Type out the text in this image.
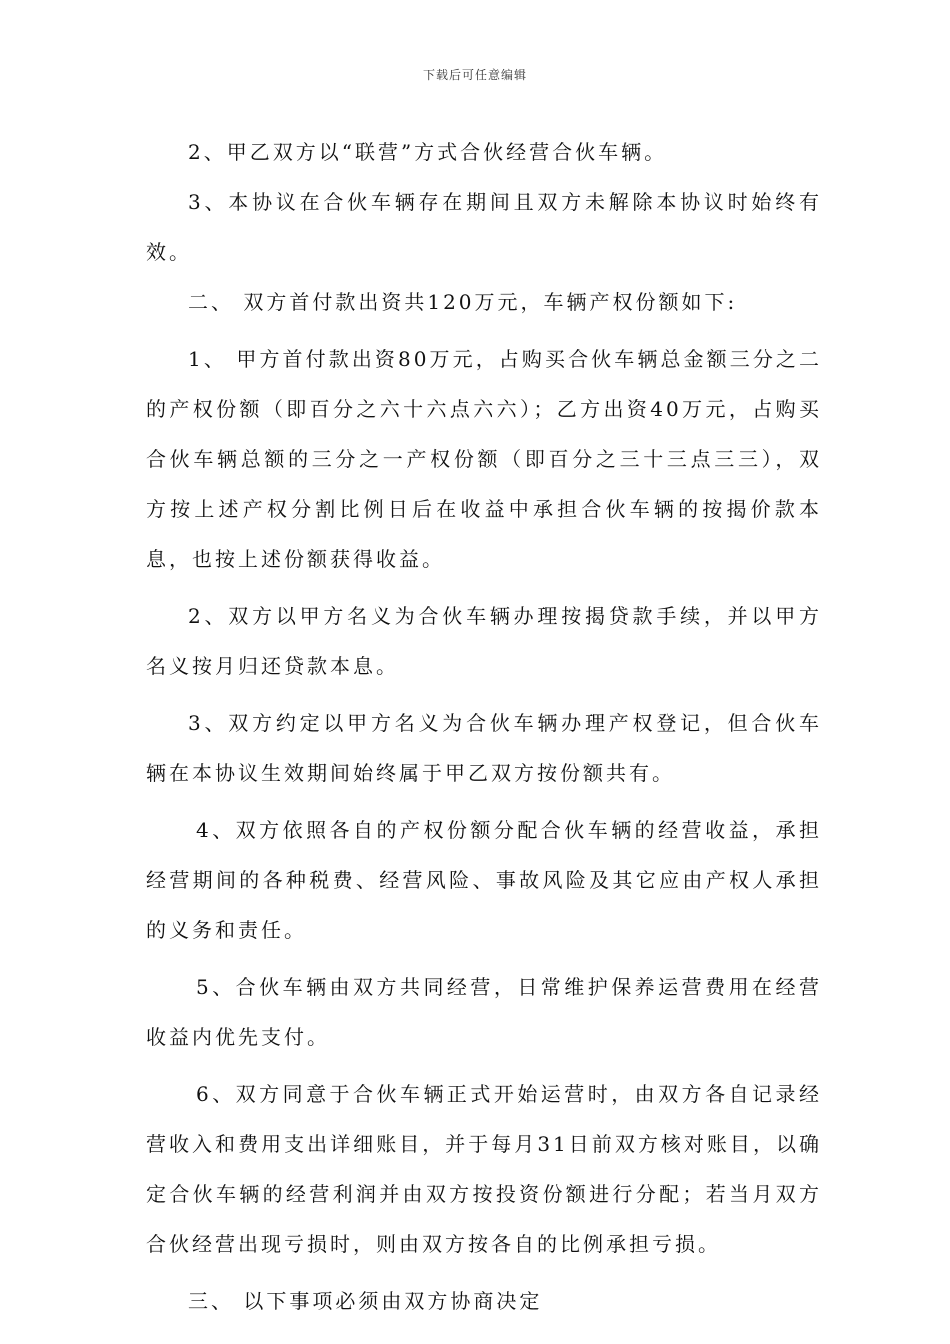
下载后可任意编辑

2、甲乙双方以“联营”方式合伙经营合伙车辆。

3、本协议在合伙车辆存在期间且双方未解除本协议时始终有效。

二、 双方首付款出资共120万元，车辆产权份额如下:

1、 甲方首付款出资80万元，占购买合伙车辆总金额三分之二的产权份额（即百分之六十六点六六）；乙方出资40万元，占购买合伙车辆总额的三分之一产权份额（即百分之三十三点三三），双方按上述产权分割比例日后在收益中承担合伙车辆的按揭价款本息，也按上述份额获得收益。

2、双方以甲方名义为合伙车辆办理按揭贷款手续，并以甲方名义按月归还贷款本息。

3、双方约定以甲方名义为合伙车辆办理产权登记，但合伙车辆在本协议生效期间始终属于甲乙双方按份额共有。

4、双方依照各自的产权份额分配合伙车辆的经营收益，承担经营期间的各种税费、经营风险、事故风险及其它应由产权人承担的义务和责任。

5、合伙车辆由双方共同经营，日常维护保养运营费用在经营收益内优先支付。

6、双方同意于合伙车辆正式开始运营时，由双方各自记录经营收入和费用支出详细账目，并于每月31日前双方核对账目，以确定合伙车辆的经营利润并由双方按投资份额进行分配；若当月双方合伙经营出现亏损时，则由双方按各自的比例承担亏损。

三、 以下事项必须由双方协商决定
